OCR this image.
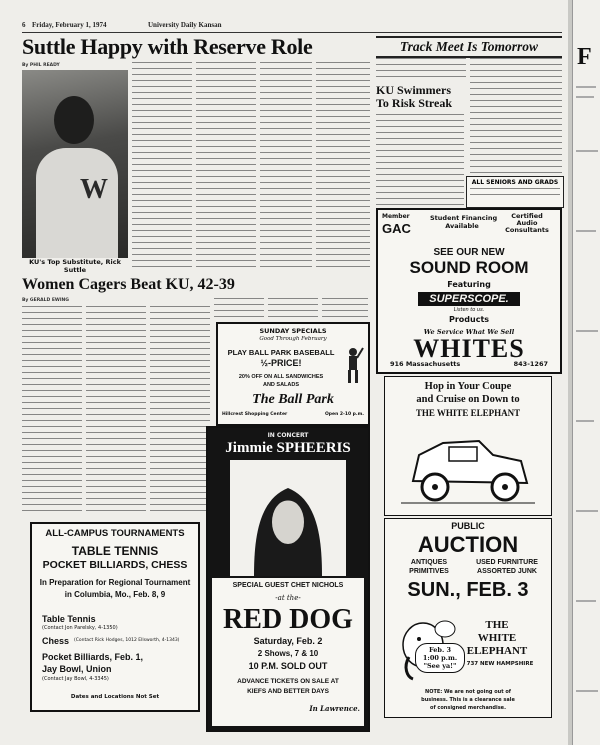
F
6 Friday, February 1, 1974	University Daily Kansan
Suttle Happy with Reserve Role
By PHIL READY
W
KU's Top Substitute, Rick Suttle
Track Meet Is Tomorrow
KU Swimmers To Risk Streak
ALL SENIORS AND GRADS
Women Cagers Beat KU, 42-39
By GERALD EWING
Member
GAC
Student Financing
Available
Certified
Audio
Consultants
SEE OUR NEW
SOUND ROOM
Featuring
SUPERSCOPE.
Listen to us.
Products
We Service What We Sell
WHITES
916 Massachusetts	843-1267
SUNDAY SPECIALS
Good Through February
PLAY BALL PARK BASEBALL
½-PRICE!
20% OFF ON ALL SANDWICHES
AND SALADS
The Ball Park
Hillcrest Shopping Center	Open 2-10 p.m.
Hop in Your Coupe
and Cruise on Down to
THE WHITE ELEPHANT
IN CONCERT
Jimmie SPHEERIS
SPECIAL GUEST CHET NICHOLS
-at the-
RED DOG
Saturday, Feb. 2
2 Shows, 7 & 10
10 P.M. SOLD OUT
ADVANCE TICKETS ON SALE AT
KIEFS AND BETTER DAYS
In Lawrence.
ALL-CAMPUS TOURNAMENTS
TABLE TENNIS
POCKET BILLIARDS, CHESS
In Preparation for Regional Tournament
in Columbia, Mo., Feb. 8, 9
Table Tennis
(Contact Jon Parelsky, 4-1350)
Chess (Contact Rick Hodges, 1012 Ellsworth, 4-1343)
Pocket Billiards, Feb. 1,
Jay Bowl, Union
(Contact Jay Bowl, 4-3345)
Dates and Locations Not Set
PUBLIC
AUCTION
ANTIQUES
PRIMITIVES
USED FURNITURE
ASSORTED JUNK
SUN., FEB. 3
Feb. 3
1:00 p.m.
"See ya!"
THE
WHITE
ELEPHANT
737 NEW HAMPSHIRE
NOTE: We are not going out of
business. This is a clearance sale
of consigned merchandise.
